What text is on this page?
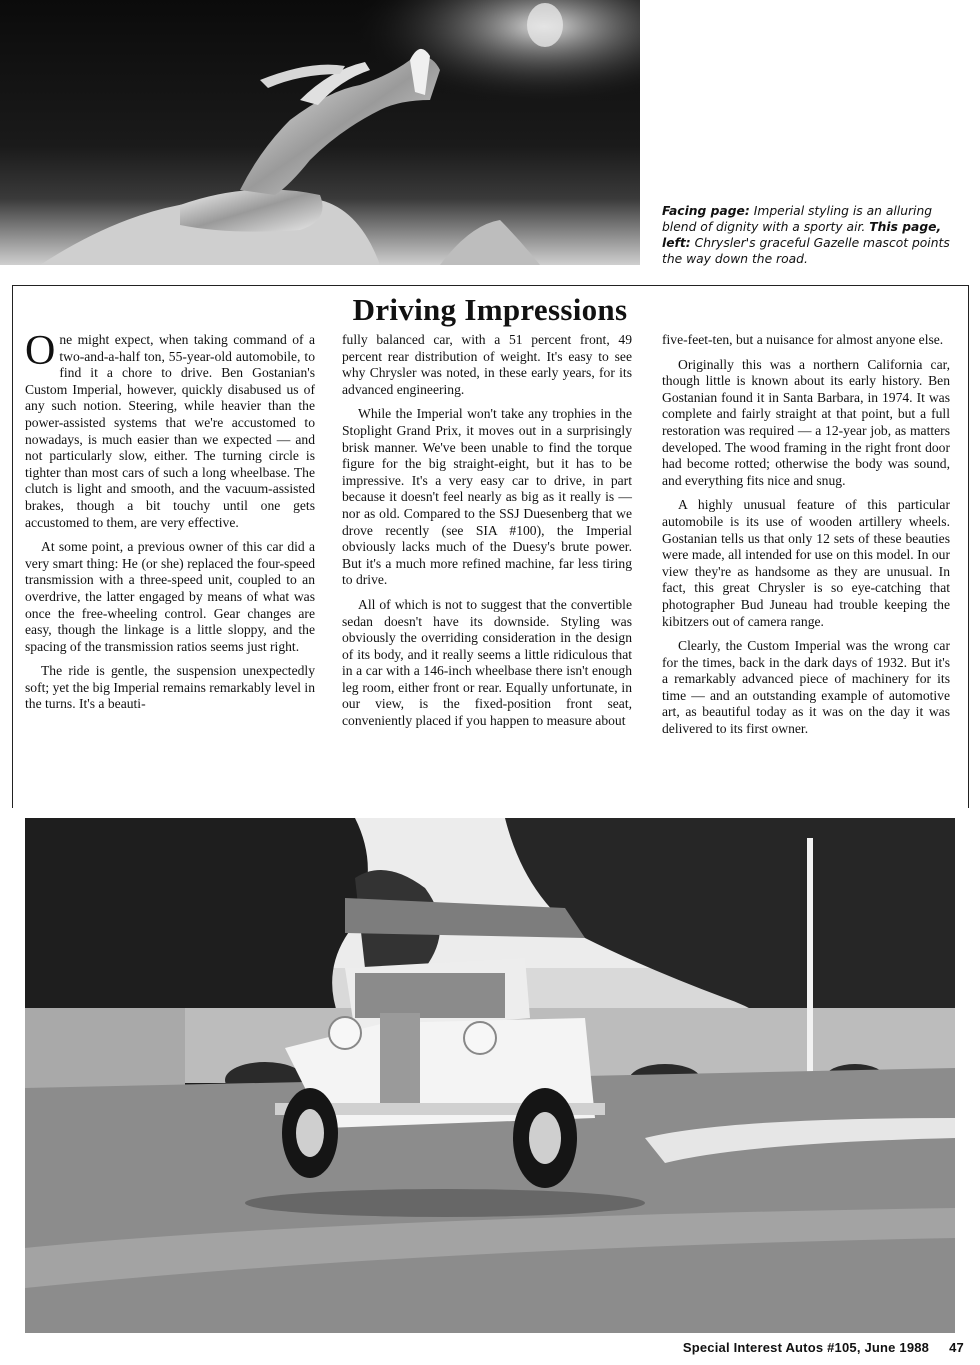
Facing page: Imperial styling is an alluring blend of dignity with a sporty air. This page, left: Chrysler's graceful Gazelle mascot points the way down the road.
Driving Impressions

One might expect, when taking command of a two-and-a-half ton, 55-year-old automobile, to find it a chore to drive. Ben Gostanian's Custom Imperial, however, quickly disabused us of any such notion. Steering, while heavier than the power-assisted systems that we're accustomed to nowadays, is much easier than we expected — and not particularly slow, either. The turning circle is tighter than most cars of such a long wheelbase. The clutch is light and smooth, and the vacuum-assisted brakes, though a bit touchy until one gets accustomed to them, are very effective.

At some point, a previous owner of this car did a very smart thing: He (or she) replaced the four-speed transmission with a three-speed unit, coupled to an overdrive, the latter engaged by means of what was once the free-wheeling control. Gear changes are easy, though the linkage is a little sloppy, and the spacing of the transmission ratios seems just right.

The ride is gentle, the suspension unexpectedly soft; yet the big Imperial remains remarkably level in the turns. It's a beauti-

fully balanced car, with a 51 percent front, 49 percent rear distribution of weight. It's easy to see why Chrysler was noted, in these early years, for its advanced engineering.

While the Imperial won't take any trophies in the Stoplight Grand Prix, it moves out in a surprisingly brisk manner. We've been unable to find the torque figure for the big straight-eight, but it has to be impressive. It's a very easy car to drive, in part because it doesn't feel nearly as big as it really is — nor as old. Compared to the SSJ Duesenberg that we drove recently (see SIA #100), the Imperial obviously lacks much of the Duesy's brute power. But it's a much more refined machine, far less tiring to drive.

All of which is not to suggest that the convertible sedan doesn't have its downside. Styling was obviously the overriding consideration in the design of its body, and it really seems a little ridiculous that in a car with a 146-inch wheelbase there isn't enough leg room, either front or rear. Equally unfortunate, in our view, is the fixed-position front seat, conveniently placed if you happen to measure about

five-feet-ten, but a nuisance for almost anyone else.

Originally this was a northern California car, though little is known about its early history. Ben Gostanian found it in Santa Barbara, in 1974. It was complete and fairly straight at that point, but a full restoration was required — a 12-year job, as matters developed. The wood framing in the right front door had become rotted; otherwise the body was sound, and everything fits nice and snug.

A highly unusual feature of this particular automobile is its use of wooden artillery wheels. Gostanian tells us that only 12 sets of these beauties were made, all intended for use on this model. In our view they're as handsome as they are unusual. In fact, this great Chrysler is so eye-catching that photographer Bud Juneau had trouble keeping the kibitzers out of camera range.

Clearly, the Custom Imperial was the wrong car for the times, back in the dark days of 1932. But it's a remarkably advanced piece of machinery for its time — and an outstanding example of automotive art, as beautiful today as it was on the day it was delivered to its first owner.

Special Interest Autos #105, June 1988 47
